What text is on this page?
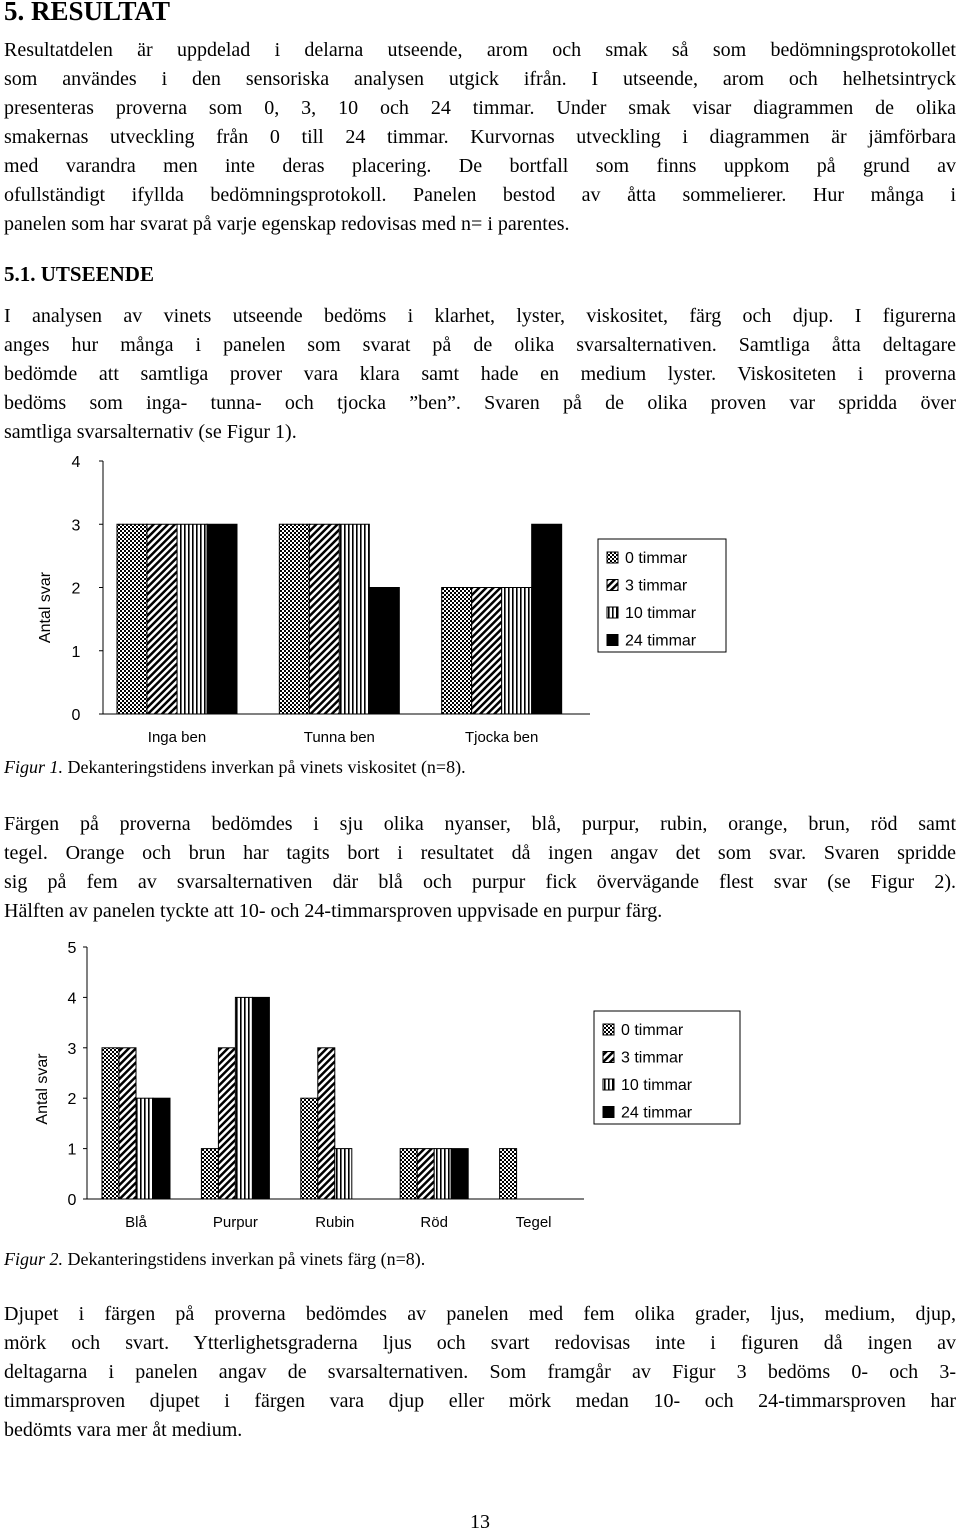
5. RESULTAT
Resultatdelen är uppdelad i delarna utseende, arom och smak så som bedömningsprotokollet
som användes i den sensoriska analysen utgick ifrån. I utseende, arom och helhetsintryck
presenteras proverna som 0, 3, 10 och 24 timmar. Under smak visar diagrammen de olika
smakernas utveckling från 0 till 24 timmar. Kurvornas utveckling i diagrammen är jämförbara
med varandra men inte deras placering. De bortfall som finns uppkom på grund av
ofullständigt ifyllda bedömningsprotokoll. Panelen bestod av åtta sommelierer. Hur många i
panelen som har svarat på varje egenskap redovisas med n= i parentes.
5.1. UTSEENDE
I analysen av vinets utseende bedöms i klarhet, lyster, viskositet, färg och djup. I figurerna
anges hur många i panelen som svarat på de olika svarsalternativen. Samtliga åtta deltagare
bedömde att samtliga prover vara klara samt hade en medium lyster. Viskositeten i proverna
bedöms som inga- tunna- och tjocka ”ben”. Svaren på de olika proven var spridda över
samtliga svarsalternativ (se Figur 1).
0
1
2
3
4
Antal svar
Inga ben	Tunna ben	Tjocka ben
0 timmar
3 timmar
10 timmar
24 timmar
Figur 1. Dekanteringstidens inverkan på vinets viskositet (n=8).
Färgen på proverna bedömdes i sju olika nyanser, blå, purpur, rubin, orange, brun, röd samt
tegel. Orange och brun har tagits bort i resultatet då ingen angav det som svar. Svaren spridde
sig på fem av svarsalternativen där blå och purpur fick övervägande flest svar (se Figur 2).
Hälften av panelen tyckte att 10- och 24-timmarsproven uppvisade en purpur färg.
0
1
2
3
4
5
Antal svar
Blå	Purpur	Rubin	Röd	Tegel
0 timmar
3 timmar
10 timmar
24 timmar
Figur 2. Dekanteringstidens inverkan på vinets färg (n=8).
Djupet i färgen på proverna bedömdes av panelen med fem olika grader, ljus, medium, djup,
mörk och svart. Ytterlighetsgraderna ljus och svart redovisas inte i figuren då ingen av
deltagarna i panelen angav de svarsalternativen. Som framgår av Figur 3 bedöms 0- och 3-
timmarsproven djupet i färgen vara djup eller mörk medan 10- och 24-timmarsproven har
bedömts vara mer åt medium.
13
